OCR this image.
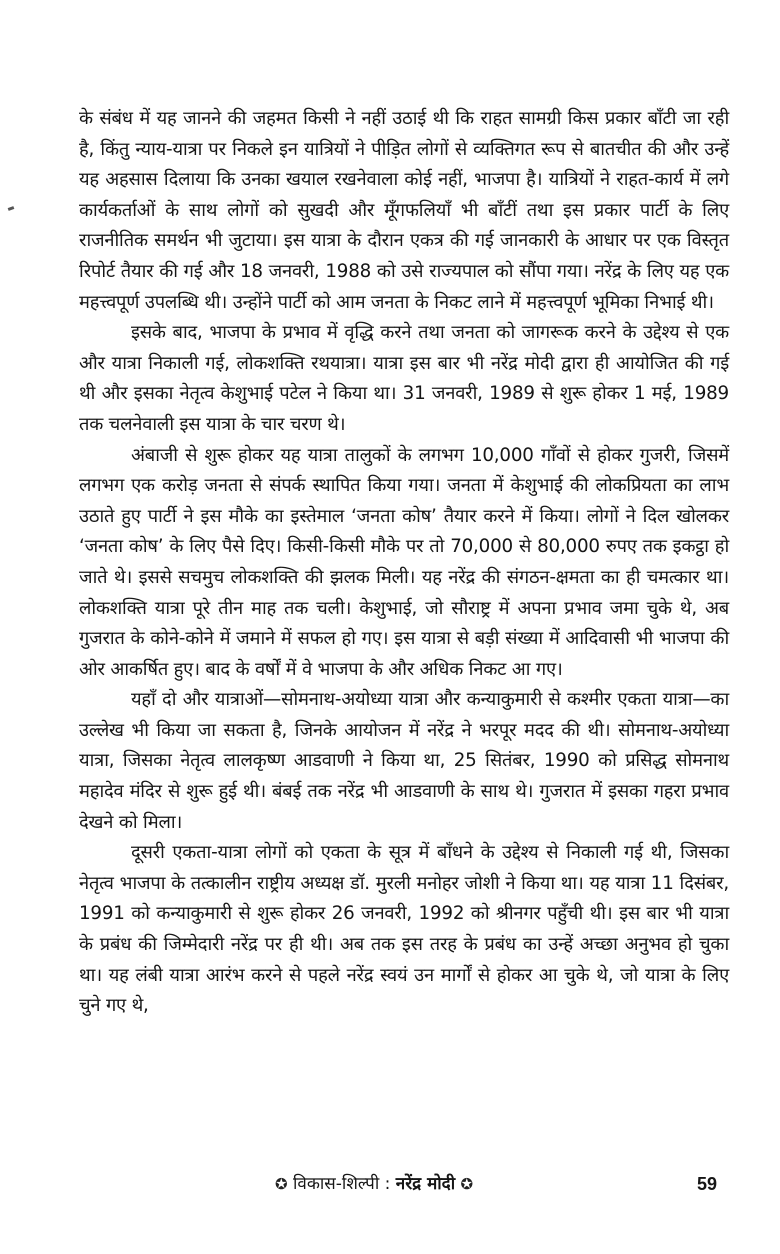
के संबंध में यह जानने की जहमत किसी ने नहीं उठाई थी कि राहत सामग्री किस प्रकार बाँटी जा रही है, किंतु न्याय-यात्रा पर निकले इन यात्रियों ने पीड़ित लोगों से व्यक्तिगत रूप से बातचीत की और उन्हें यह अहसास दिलाया कि उनका खयाल रखनेवाला कोई नहीं, भाजपा है। यात्रियों ने राहत-कार्य में लगे कार्यकर्ताओं के साथ लोगों को सुखदी और मूँगफलियाँ भी बाँटीं तथा इस प्रकार पार्टी के लिए राजनीतिक समर्थन भी जुटाया। इस यात्रा के दौरान एकत्र की गई जानकारी के आधार पर एक विस्तृत रिपोर्ट तैयार की गई और 18 जनवरी, 1988 को उसे राज्यपाल को सौंपा गया। नरेंद्र के लिए यह एक महत्त्वपूर्ण उपलब्धि थी। उन्होंने पार्टी को आम जनता के निकट लाने में महत्त्वपूर्ण भूमिका निभाई थी।

इसके बाद, भाजपा के प्रभाव में वृद्धि करने तथा जनता को जागरूक करने के उद्देश्य से एक और यात्रा निकाली गई, लोकशक्ति रथयात्रा। यात्रा इस बार भी नरेंद्र मोदी द्वारा ही आयोजित की गई थी और इसका नेतृत्व केशुभाई पटेल ने किया था। 31 जनवरी, 1989 से शुरू होकर 1 मई, 1989 तक चलनेवाली इस यात्रा के चार चरण थे।

अंबाजी से शुरू होकर यह यात्रा तालुकों के लगभग 10,000 गाँवों से होकर गुजरी, जिसमें लगभग एक करोड़ जनता से संपर्क स्थापित किया गया। जनता में केशुभाई की लोकप्रियता का लाभ उठाते हुए पार्टी ने इस मौके का इस्तेमाल ‘जनता कोष’ तैयार करने में किया। लोगों ने दिल खोलकर ‘जनता कोष’ के लिए पैसे दिए। किसी-किसी मौके पर तो 70,000 से 80,000 रुपए तक इकट्ठा हो जाते थे। इससे सचमुच लोकशक्ति की झलक मिली। यह नरेंद्र की संगठन-क्षमता का ही चमत्कार था। लोकशक्ति यात्रा पूरे तीन माह तक चली। केशुभाई, जो सौराष्ट्र में अपना प्रभाव जमा चुके थे, अब गुजरात के कोने-कोने में जमाने में सफल हो गए। इस यात्रा से बड़ी संख्या में आदिवासी भी भाजपा की ओर आकर्षित हुए। बाद के वर्षों में वे भाजपा के और अधिक निकट आ गए।

यहाँ दो और यात्राओं—सोमनाथ-अयोध्या यात्रा और कन्याकुमारी से कश्मीर एकता यात्रा—का उल्लेख भी किया जा सकता है, जिनके आयोजन में नरेंद्र ने भरपूर मदद की थी। सोमनाथ-अयोध्या यात्रा, जिसका नेतृत्व लालकृष्ण आडवाणी ने किया था, 25 सितंबर, 1990 को प्रसिद्ध सोमनाथ महादेव मंदिर से शुरू हुई थी। बंबई तक नरेंद्र भी आडवाणी के साथ थे। गुजरात में इसका गहरा प्रभाव देखने को मिला।

दूसरी एकता-यात्रा लोगों को एकता के सूत्र में बाँधने के उद्देश्य से निकाली गई थी, जिसका नेतृत्व भाजपा के तत्कालीन राष्ट्रीय अध्यक्ष डॉ. मुरली मनोहर जोशी ने किया था। यह यात्रा 11 दिसंबर, 1991 को कन्याकुमारी से शुरू होकर 26 जनवरी, 1992 को श्रीनगर पहुँची थी। इस बार भी यात्रा के प्रबंध की जिम्मेदारी नरेंद्र पर ही थी। अब तक इस तरह के प्रबंध का उन्हें अच्छा अनुभव हो चुका था। यह लंबी यात्रा आरंभ करने से पहले नरेंद्र स्वयं उन मार्गों से होकर आ चुके थे, जो यात्रा के लिए चुने गए थे,

✪ विकास-शिल्पी : नरेंद्र मोदी ✪	59
